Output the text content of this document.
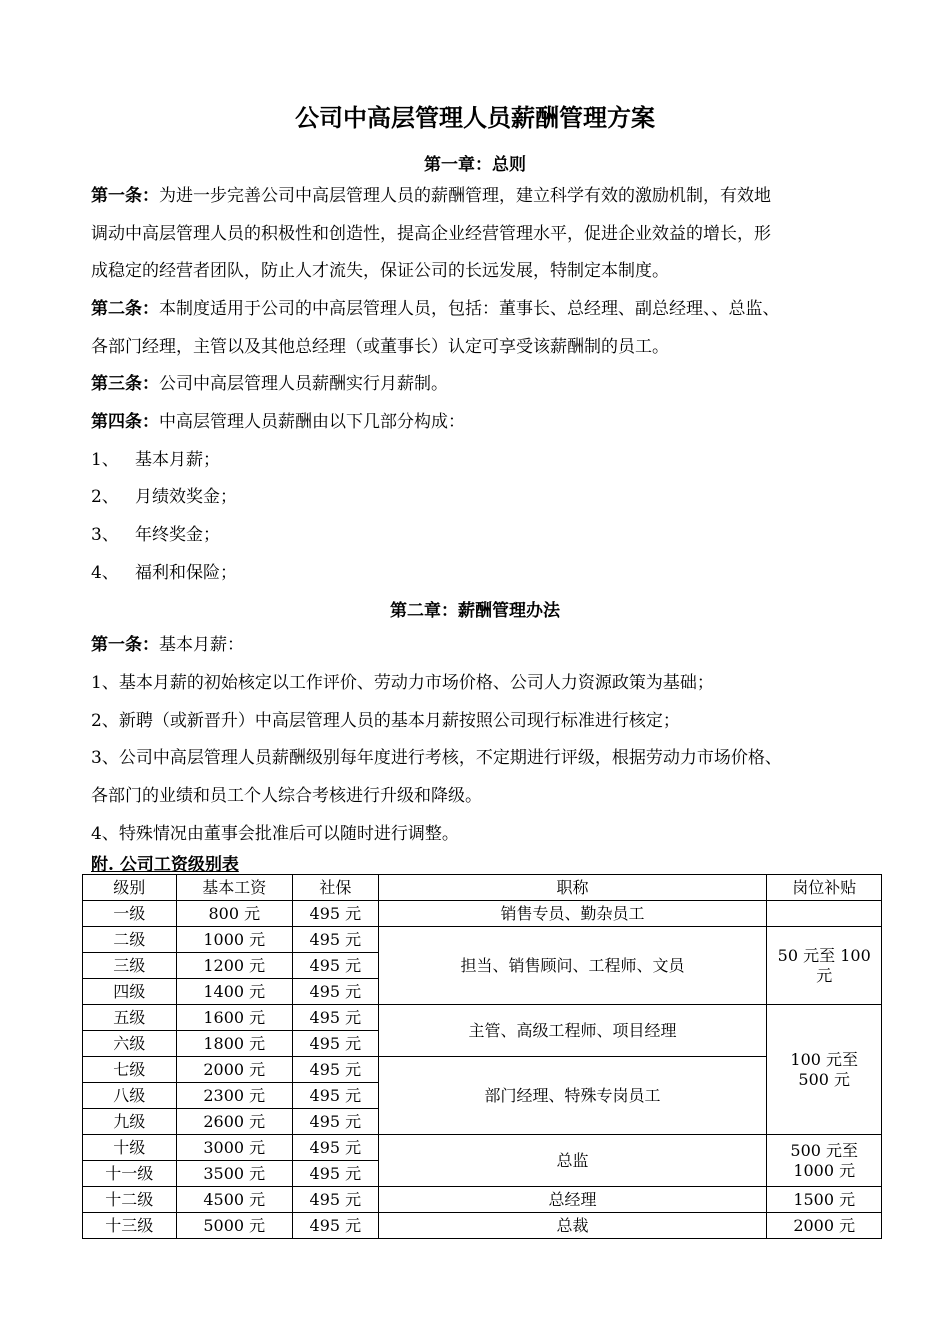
公司中高层管理人员薪酬管理方案
第一章：总则
第一条：为进一步完善公司中高层管理人员的薪酬管理，建立科学有效的激励机制，有效地
调动中高层管理人员的积极性和创造性，提高企业经营管理水平，促进企业效益的增长，形
成稳定的经营者团队，防止人才流失，保证公司的长远发展，特制定本制度。
第二条：本制度适用于公司的中高层管理人员，包括：董事长、总经理、副总经理、、总监、
各部门经理，主管以及其他总经理（或董事长）认定可享受该薪酬制的员工。
第三条：公司中高层管理人员薪酬实行月薪制。
第四条：中高层管理人员薪酬由以下几部分构成：
1、 基本月薪；
2、 月绩效奖金；
3、 年终奖金；
4、 福利和保险；
第二章：薪酬管理办法
第一条：基本月薪：
1、基本月薪的初始核定以工作评价、劳动力市场价格、公司人力资源政策为基础；
2、新聘（或新晋升）中高层管理人员的基本月薪按照公司现行标准进行核定；
3、公司中高层管理人员薪酬级别每年度进行考核，不定期进行评级，根据劳动力市场价格、
各部门的业绩和员工个人综合考核进行升级和降级。
4、特殊情况由董事会批准后可以随时进行调整。
附. 公司工资级别表
级别	基本工资	社保	职称	岗位补贴
一级	800 元	495 元	销售专员、勤杂员工	
二级	1000 元	495 元	担当、销售顾问、工程师、文员	50 元至 100
元
三级	1200 元	495 元		
四级	1400 元	495 元		
五级	1600 元	495 元	主管、高级工程师、项目经理	100 元至
500 元
六级	1800 元	495 元		
七级	2000 元	495 元	部门经理、特殊专岗员工	
八级	2300 元	495 元		
九级	2600 元	495 元		
十级	3000 元	495 元	总监	500 元至
1000 元
十一级	3500 元	495 元		
十二级	4500 元	495 元	总经理	1500 元
十三级	5000 元	495 元	总裁	2000 元
